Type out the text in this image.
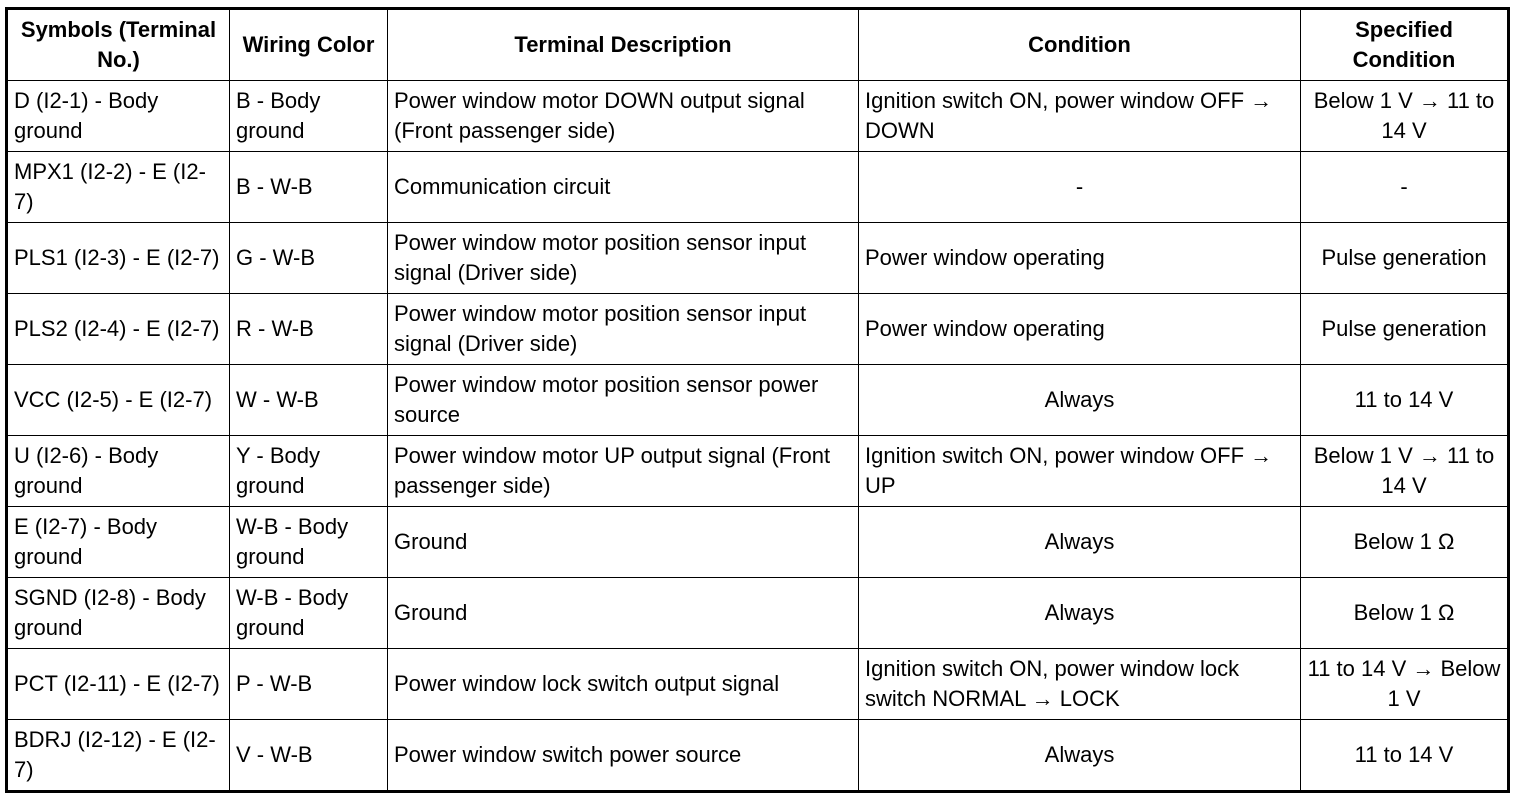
Symbols (Terminal No.)	Wiring Color	Terminal Description	Condition	Specified Condition
D (I2-1) - Body ground	B - Body ground	Power window motor DOWN output signal (Front passenger side)	Ignition switch ON, power window OFF → DOWN	Below 1 V → 11 to 14 V
MPX1 (I2-2) - E (I2-7)	B - W-B	Communication circuit	-	-
PLS1 (I2-3) - E (I2-7)	G - W-B	Power window motor position sensor input signal (Driver side)	Power window operating	Pulse generation
PLS2 (I2-4) - E (I2-7)	R - W-B	Power window motor position sensor input signal (Driver side)	Power window operating	Pulse generation
VCC (I2-5) - E (I2-7)	W - W-B	Power window motor position sensor power source	Always	11 to 14 V
U (I2-6) - Body ground	Y - Body ground	Power window motor UP output signal (Front passenger side)	Ignition switch ON, power window OFF → UP	Below 1 V → 11 to 14 V
E (I2-7) - Body ground	W-B - Body ground	Ground	Always	Below 1 Ω
SGND (I2-8) - Body ground	W-B - Body ground	Ground	Always	Below 1 Ω
PCT (I2-11) - E (I2-7)	P - W-B	Power window lock switch output signal	Ignition switch ON, power window lock switch NORMAL → LOCK	11 to 14 V → Below 1 V
BDRJ (I2-12) - E (I2-7)	V - W-B	Power window switch power source	Always	11 to 14 V
